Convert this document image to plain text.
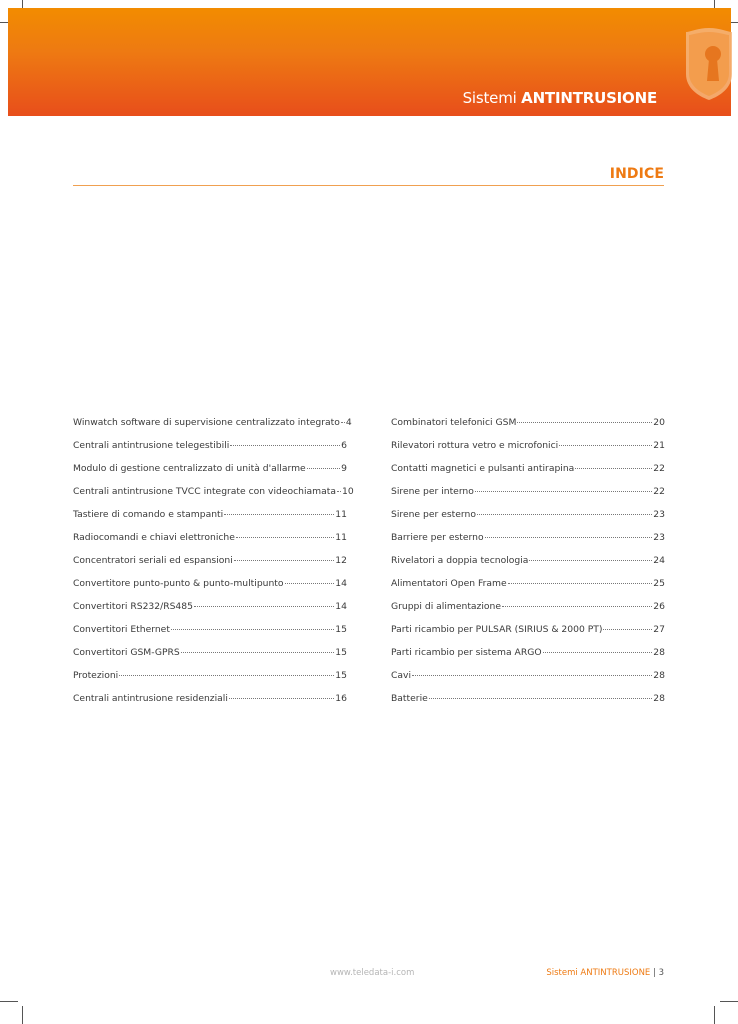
Sistemi ANTINTRUSIONE
INDICE
Winwatch software di supervisione centralizzato integrato 4
Centrali antintrusione telegestibili	6
Modulo di gestione centralizzato di unità d'allarme	9
Centrali antintrusione TVCC integrate con videochiamata 10
Tastiere di comando e stampanti	11
Radiocomandi e chiavi elettroniche	11
Concentratori seriali ed espansioni	12
Convertitore punto-punto & punto-multipunto	14
Convertitori RS232/RS485	14
Convertitori Ethernet	15
Convertitori GSM-GPRS	15
Protezioni	15
Centrali antintrusione residenziali	16
Combinatori telefonici GSM	20
Rilevatori rottura vetro e microfonici	21
Contatti magnetici e pulsanti antirapina	22
Sirene per interno	22
Sirene per esterno	23
Barriere per esterno	23
Rivelatori a doppia tecnologia	24
Alimentatori Open Frame	25
Gruppi di alimentazione	26
Parti ricambio per PULSAR (SIRIUS & 2000 PT)	27
Parti ricambio per sistema ARGO	28
Cavi	28
Batterie	28
www.teledata-i.com	Sistemi ANTINTRUSIONE | 3
